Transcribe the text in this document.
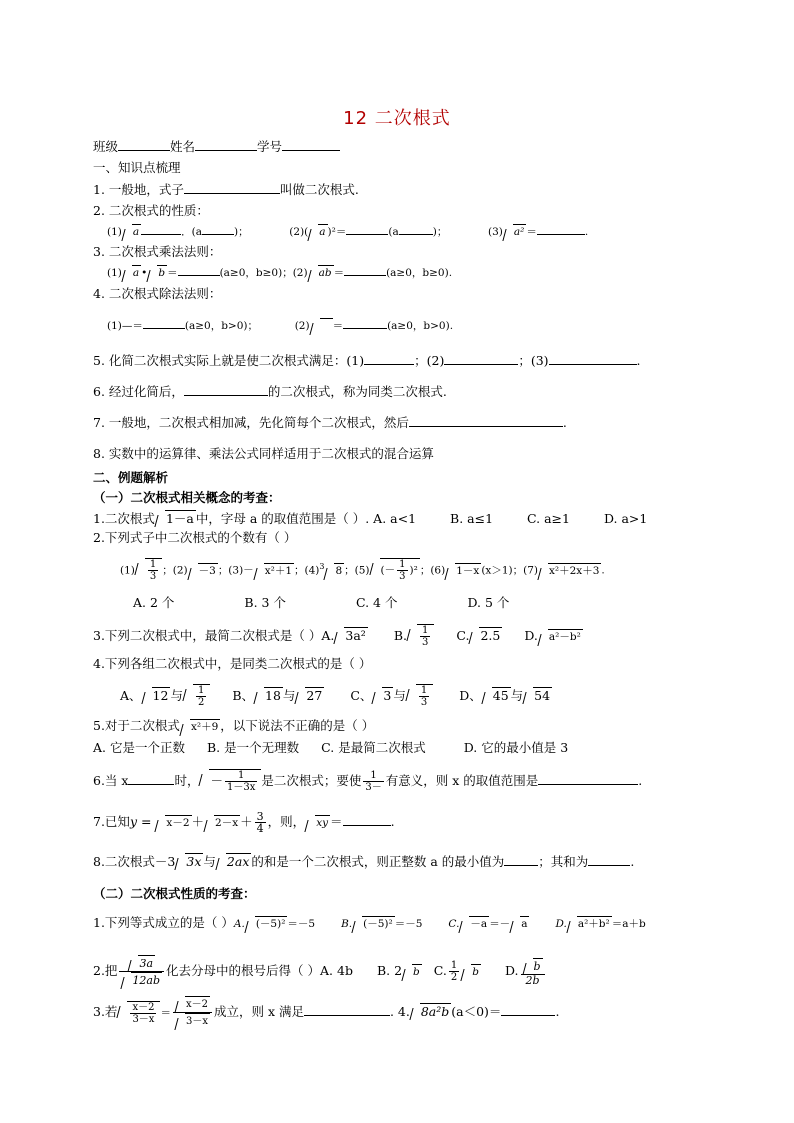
12 二次根式
班级	姓名	学号
一、知识点梳理
1. 一般地，式子	叫做二次根式.
2. 二次根式的性质：
(1) a	．(a	)；	(2)( a )²＝	(a	)；	(3) a² ＝	.
3. 二次根式乘法法则：
(1) a • b ＝	(a≥0，b≥0)；(2) ab ＝	(a≥0，b≥0).
4. 二次根式除法法则：
(1)—＝	(a≥0，b>0)；	(2) ＝	(a≥0，b>0).
5. 化简二次根式实际上就是使二次根式满足：(1)	；(2)	；(3)	.
6. 经过化简后，	的二次根式，称为同类二次根式.
7. 一般地，二次根式相加减，先化简每个二次根式，然后	.
8. 实数中的运算律、乘法公式同样适用于二次根式的混合运算
二、例题解析
（一）二次根式相关概念的考查：
1.二次根式 1－a 中，字母 a 的取值范围是（ ）. A. a<1	B. a≤1	C. a≥1	D. a>1
2.下列式子中二次根式的个数有（ ）
$(1) \frac{1}{3}$ ；(2) －3 ；(3)－ x²＋1 ；$(4)^3$ 8 ；(5) (－ $\frac{1}{3} )^2$ ；(6) 1－x (x＞1)；(7) x²＋2x＋3 .
A. 2 个	B. 3 个	C. 4 个	D. 5 个
3.下列二次根式中，最简二次根式是（ ）A. 3a² B. $\frac{1}{3} C$. 2.5 D. a²－b²
4.下列各组二次根式中，是同类二次根式的是（ ）
A、 12 与 $\frac{1}{2}$ B、 18 与 27 C、 3 与 $\frac{1}{3}$ D、 45 与 54
5.对于二次根式 x²＋9 ，以下说法不正确的是（ ）
A. 它是一个正数 B. 是一个无理数 C. 是最简二次根式	D. 它的最小值是 3
6.当 x	时， － $\frac{1}{1-3x}$ 是二次根式；要使 $\frac{1}{3-}$ 有意义，则 x 的取值范围是	.
7.已知$y = x-2 + 2-x + \frac{3}{4}$ ，则， xy ＝	.
8.二次根式－3 3x 与 2ax 的和是一个二次根式，则正整数 a 的最小值为	；其和为	.
（二）二次根式性质的考查：
1.下列等式成立的是（ ）A. (－5)² ＝－5 B. (－5)² ＝－5 C. －a ＝－ a	D. a²＋b² ＝a＋b
2.把 $\frac{3a}{12ab}$ 化去分母中的根号后得（ ）A. 4b B. 2 b C. $\frac{1}{2}$ b D. $\frac{b}{2b}$
3.若 $\frac{x-2}{3-x} = \frac{x-2}{3-x}$ 成立，则 x 满足	. 4. 8a²b (a＜0)＝	.
